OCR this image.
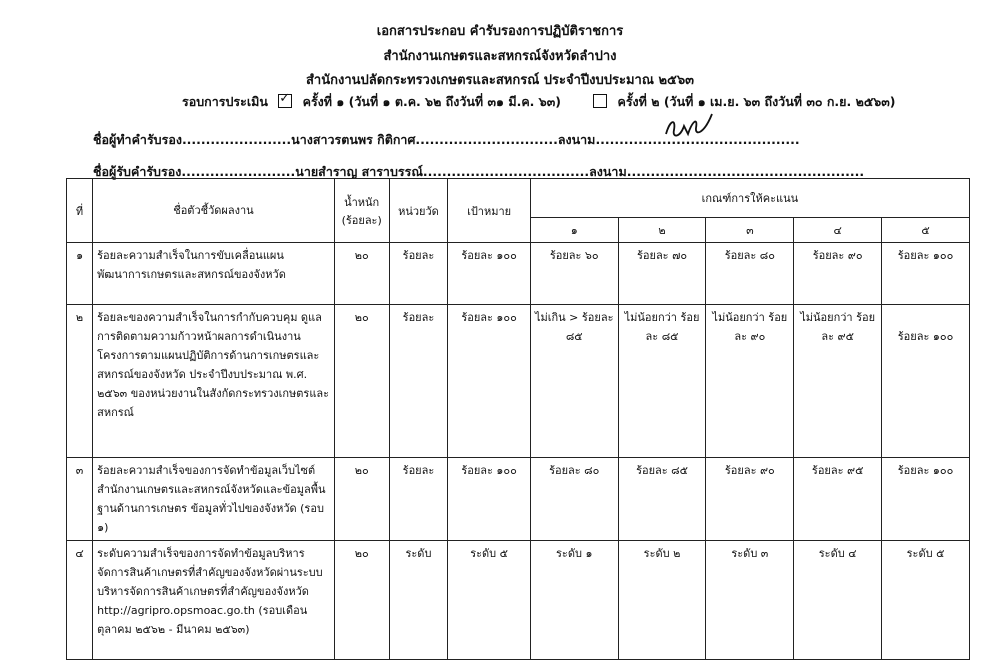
เอกสารประกอบ คำรับรองการปฏิบัติราชการ
สำนักงานเกษตรและสหกรณ์จังหวัดลำปาง
สำนักงานปลัดกระทรวงเกษตรและสหกรณ์ ประจำปีงบประมาณ ๒๕๖๓
รอบการประเมิน ✓	ครั้งที่ ๑ (วันที่ ๑ ต.ค. ๖๒ ถึงวันที่ ๓๑ มี.ค. ๖๓)	ครั้งที่ ๒ (วันที่ ๑ เม.ย. ๖๓ ถึงวันที่ ๓๐ ก.ย. ๒๕๖๓)
ชื่อผู้ทำคำรับรอง.......................นางสาวรตนพร กิติกาศ..............................ลงนาม...........................................
ชื่อผู้รับคำรับรอง........................นายสำราญ สาราบรรณ์...................................ลงนาม..................................................
ที่	ชื่อตัวชี้วัดผลงาน	น้ำหนัก (ร้อยละ)	หน่วยวัด	เป้าหมาย	เกณฑ์การให้คะแนน				
					๑	๒	๓	๔	๕
๑	ร้อยละความสำเร็จในการขับเคลื่อนแผนพัฒนาการเกษตรและสหกรณ์ของจังหวัด	๒๐	ร้อยละ	ร้อยละ ๑๐๐	ร้อยละ ๖๐	ร้อยละ ๗๐	ร้อยละ ๘๐	ร้อยละ ๙๐	ร้อยละ ๑๐๐
๒	ร้อยละของความสำเร็จในการกำกับควบคุม ดูแล การติดตามความก้าวหน้าผลการดำเนินงานโครงการตามแผนปฏิบัติการด้านการเกษตรและสหกรณ์ของจังหวัด ประจำปีงบประมาณ พ.ศ. ๒๕๖๓ ของหน่วยงานในสังกัดกระทรวงเกษตรและสหกรณ์	๒๐	ร้อยละ	ร้อยละ ๑๐๐	ไม่เกิน > ร้อยละ ๘๕	ไม่น้อยกว่า ร้อยละ ๘๕	ไม่น้อยกว่า ร้อยละ ๙๐	ไม่น้อยกว่า ร้อยละ ๙๕	ร้อยละ ๑๐๐
๓	ร้อยละความสำเร็จของการจัดทำข้อมูลเว็บไซต์สำนักงานเกษตรและสหกรณ์จังหวัดและข้อมูลพื้นฐานด้านการเกษตร ข้อมูลทั่วไปของจังหวัด (รอบ ๑)	๒๐	ร้อยละ	ร้อยละ ๑๐๐	ร้อยละ ๘๐	ร้อยละ ๘๕	ร้อยละ ๙๐	ร้อยละ ๙๕	ร้อยละ ๑๐๐
๔	ระดับความสำเร็จของการจัดทำข้อมูลบริหารจัดการสินค้าเกษตรที่สำคัญของจังหวัดผ่านระบบบริหารจัดการสินค้าเกษตรที่สำคัญของจังหวัด http://agripro.opsmoac.go.th (รอบเดือนตุลาคม ๒๕๖๒ - มีนาคม ๒๕๖๓)	๒๐	ระดับ	ระดับ ๕	ระดับ ๑	ระดับ ๒	ระดับ ๓	ระดับ ๔	ระดับ ๕
